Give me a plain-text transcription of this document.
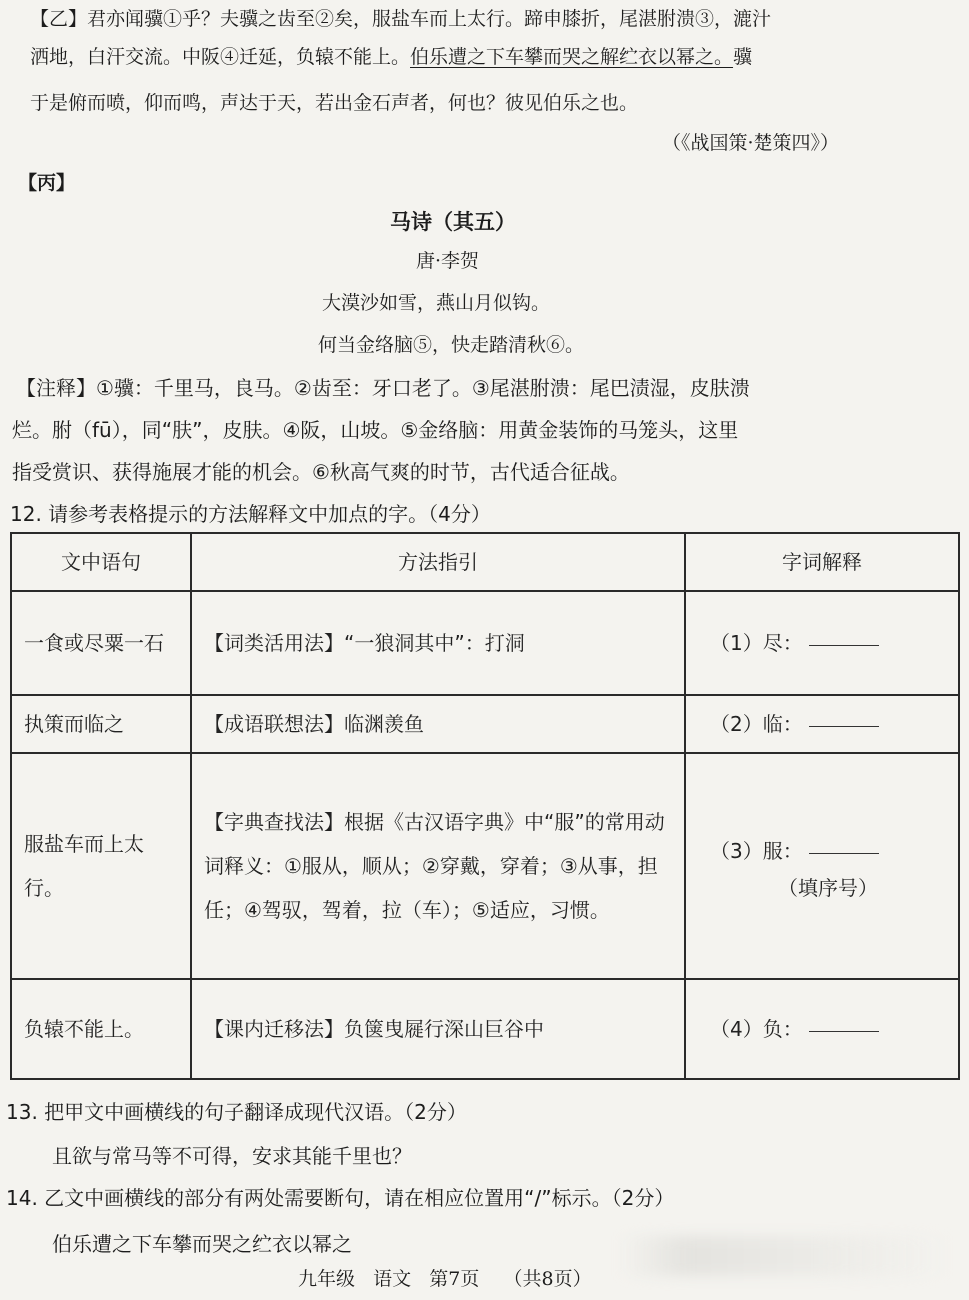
【乙】君亦闻骥①乎？夫骥之齿至②矣，服盐车而上太行。蹄申膝折，尾湛胕溃③，漉汁
洒地，白汗交流。中阪④迁延，负辕不能上。伯乐遭之下车攀而哭之解纻衣以幂之。骥
于是俯而喷，仰而鸣，声达于天，若出金石声者，何也？彼见伯乐之也。
（《战国策·楚策四》）
【丙】
马诗（其五）
唐·李贺
大漠沙如雪，燕山月似钩。
何当金络脑⑤，快走踏清秋⑥。
【注释】①骥：千里马，良马。②齿至：牙口老了。③尾湛胕溃：尾巴渍湿，皮肤溃
烂。胕（fū），同“肤”，皮肤。④阪，山坡。⑤金络脑：用黄金装饰的马笼头，这里
指受赏识、获得施展才能的机会。⑥秋高气爽的时节，古代适合征战。
12. 请参考表格提示的方法解释文中加点的字。（4分）
文中语句	方法指引	字词解释
一食或尽粟一石	【词类活用法】“一狼洞其中”：打洞	（1）尽：
执策而临之	【成语联想法】临渊羡鱼	（2）临：
服盐车而上太行。	【字典查找法】根据《古汉语字典》中“服”的常用动词释义：①服从，顺从；②穿戴，穿着；③从事，担任；④驾驭，驾着，拉（车）；⑤适应，习惯。	（3）服：
（填序号）

负辕不能上。	【课内迁移法】负箧曳屣行深山巨谷中	（4）负：
13. 把甲文中画横线的句子翻译成现代汉语。（2分）
且欲与常马等不可得，安求其能千里也？
14. 乙文中画横线的部分有两处需要断句，请在相应位置用“/”标示。（2分）
伯乐遭之下车攀而哭之纻衣以幂之
九年级 语文 第7页 （共8页）
